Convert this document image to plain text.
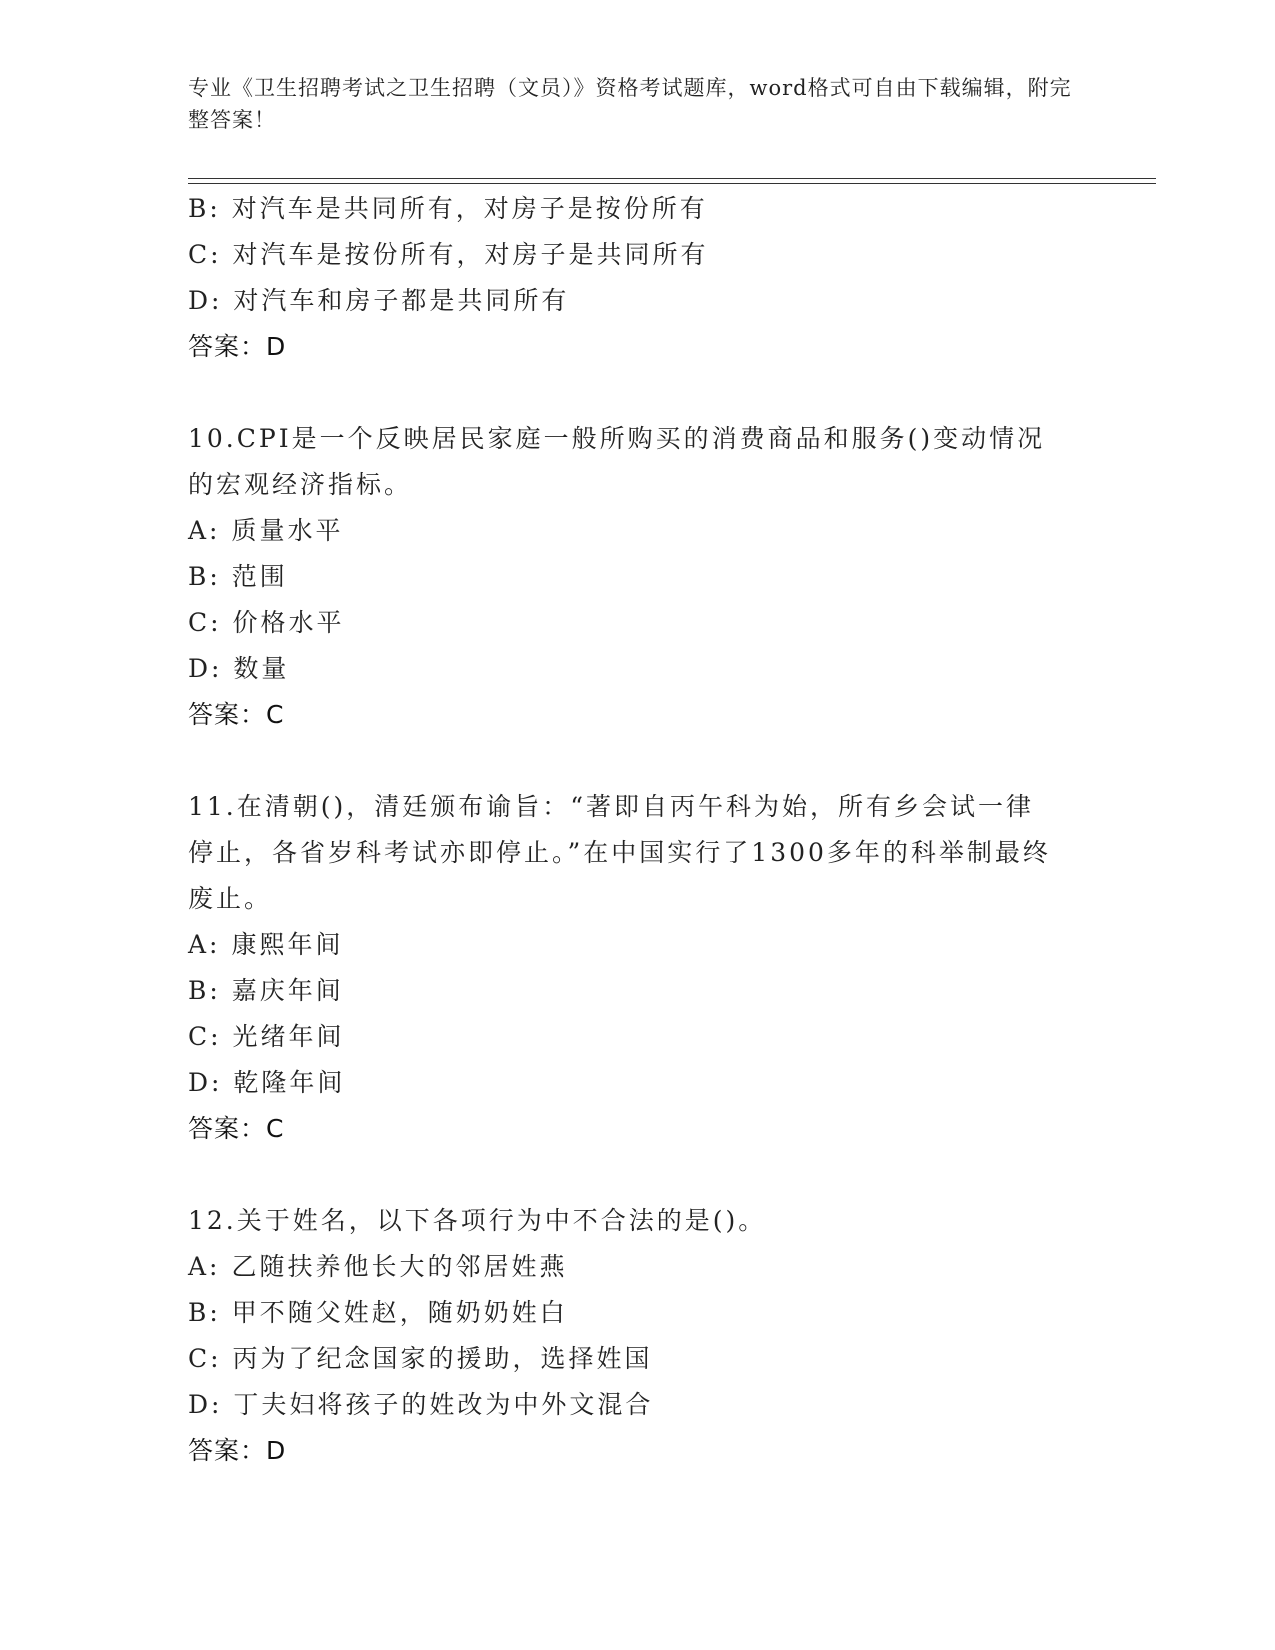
专业《卫生招聘考试之卫生招聘（文员）》资格考试题库，word格式可自由下载编辑，附完整答案！
B: 对汽车是共同所有，对房子是按份所有
C: 对汽车是按份所有，对房子是共同所有
D: 对汽车和房子都是共同所有
答案：D
10.CPI是一个反映居民家庭一般所购买的消费商品和服务()变动情况的宏观经济指标。
A: 质量水平
B: 范围
C: 价格水平
D: 数量
答案：C
11.在清朝()，清廷颁布谕旨：“著即自丙午科为始，所有乡会试一律停止，各省岁科考试亦即停止。”在中国实行了1300多年的科举制最终废止。
A: 康熙年间
B: 嘉庆年间
C: 光绪年间
D: 乾隆年间
答案：C
12.关于姓名，以下各项行为中不合法的是()。
A: 乙随扶养他长大的邻居姓燕
B: 甲不随父姓赵，随奶奶姓白
C: 丙为了纪念国家的援助，选择姓国
D: 丁夫妇将孩子的姓改为中外文混合
答案：D
